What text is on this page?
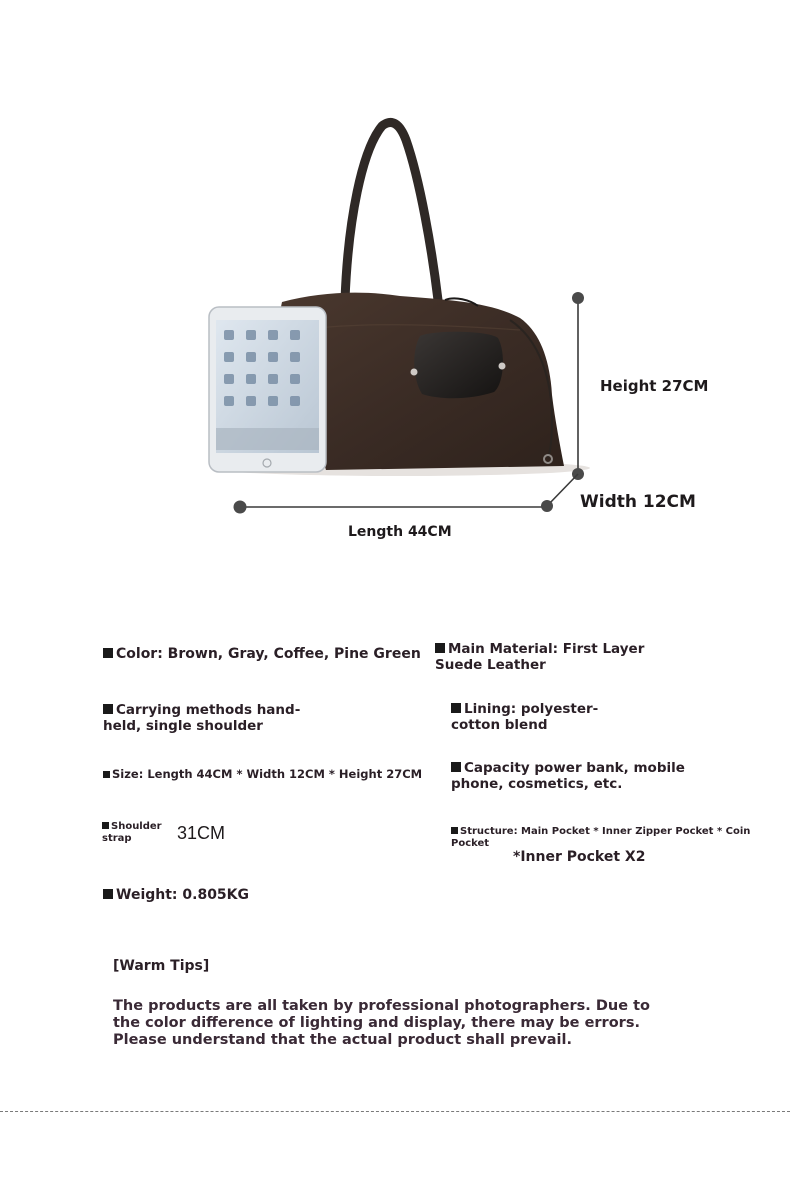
Height 27CM
Width 12CM
Length 44CM
Color: Brown, Gray, Coffee, Pine Green	Main Material: First Layer Suede Leather
Carrying methods hand-held, single shoulder
Lining: polyester-cotton blend
Size: Length 44CM * Width 12CM * Height 27CM	Capacity power bank, mobile phone, cosmetics, etc.
Shoulder strap	31CM	Structure: Main Pocket * Inner Zipper Pocket * Coin Pocket
*Inner Pocket X2
Weight: 0.805KG
[Warm Tips]
The products are all taken by professional photographers. Due to the color difference of lighting and display, there may be errors. Please understand that the actual product shall prevail.
